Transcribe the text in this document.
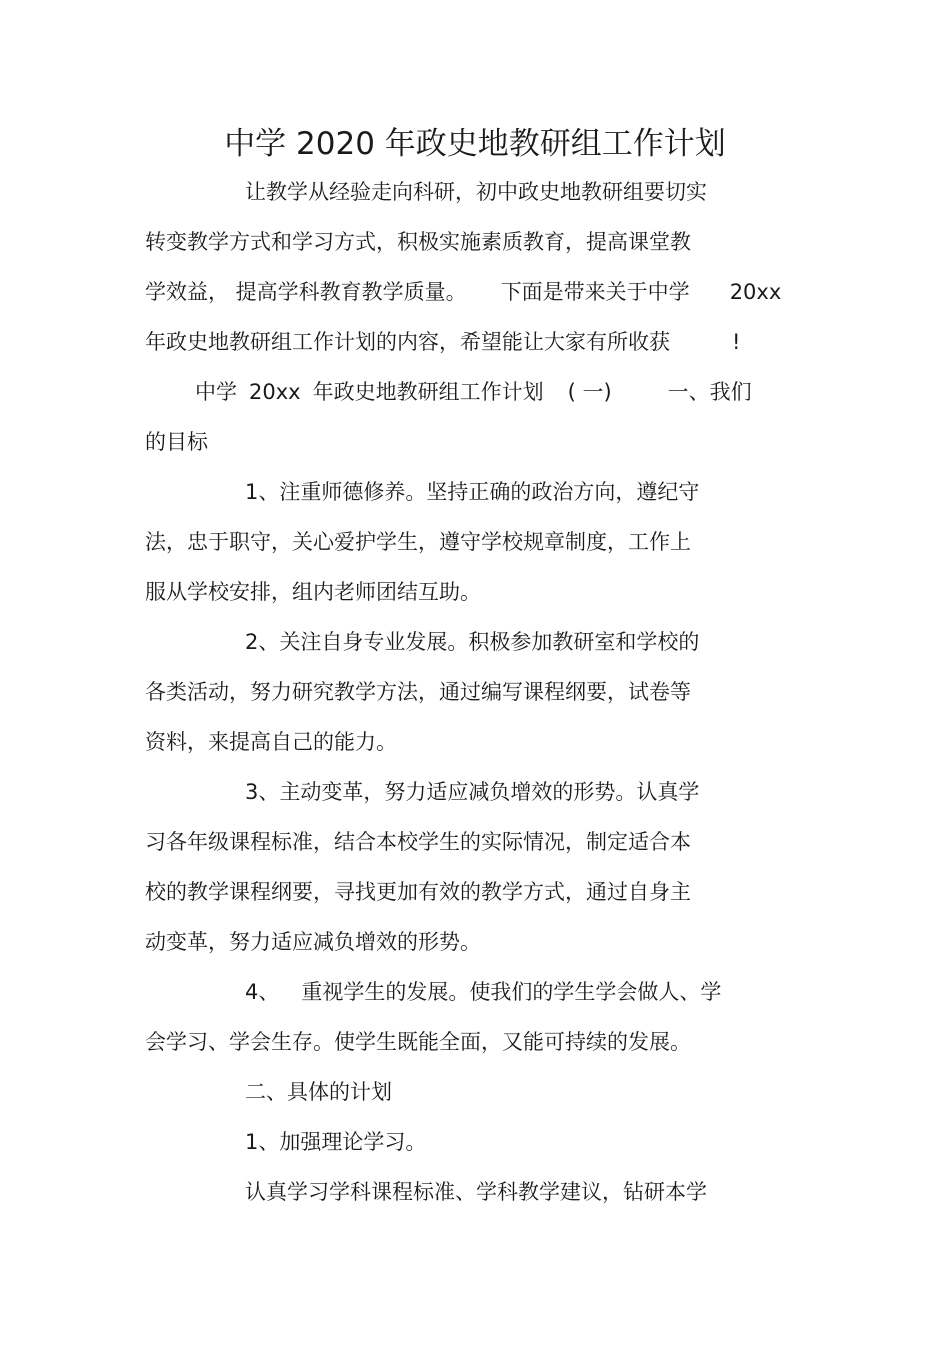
中学 2020 年政史地教研组工作计划
让教学从经验走向科研，初中政史地教研组要切实
转变教学方式和学习方式，积极实施素质教育，提高课堂教
学效益， 提高学科教育教学质量。 下面是带来关于中学 20xx
年政史地教研组工作计划的内容，希望能让大家有所收获	!
中学 20xx 年政史地教研组工作计划 ( 一)	一、我们
的目标
1、注重师德修养。坚持正确的政治方向，遵纪守
法，忠于职守，关心爱护学生，遵守学校规章制度，工作上
服从学校安排，组内老师团结互助。
2、关注自身专业发展。积极参加教研室和学校的
各类活动，努力研究教学方法，通过编写课程纲要，试卷等
资料，来提高自己的能力。
3、主动变革，努力适应减负增效的形势。认真学
习各年级课程标准，结合本校学生的实际情况，制定适合本
校的教学课程纲要，寻找更加有效的教学方式，通过自身主
动变革，努力适应减负增效的形势。
4、 重视学生的发展。使我们的学生学会做人、学
会学习、学会生存。使学生既能全面，又能可持续的发展。
二、具体的计划
1、加强理论学习。
认真学习学科课程标准、学科教学建议，钻研本学
